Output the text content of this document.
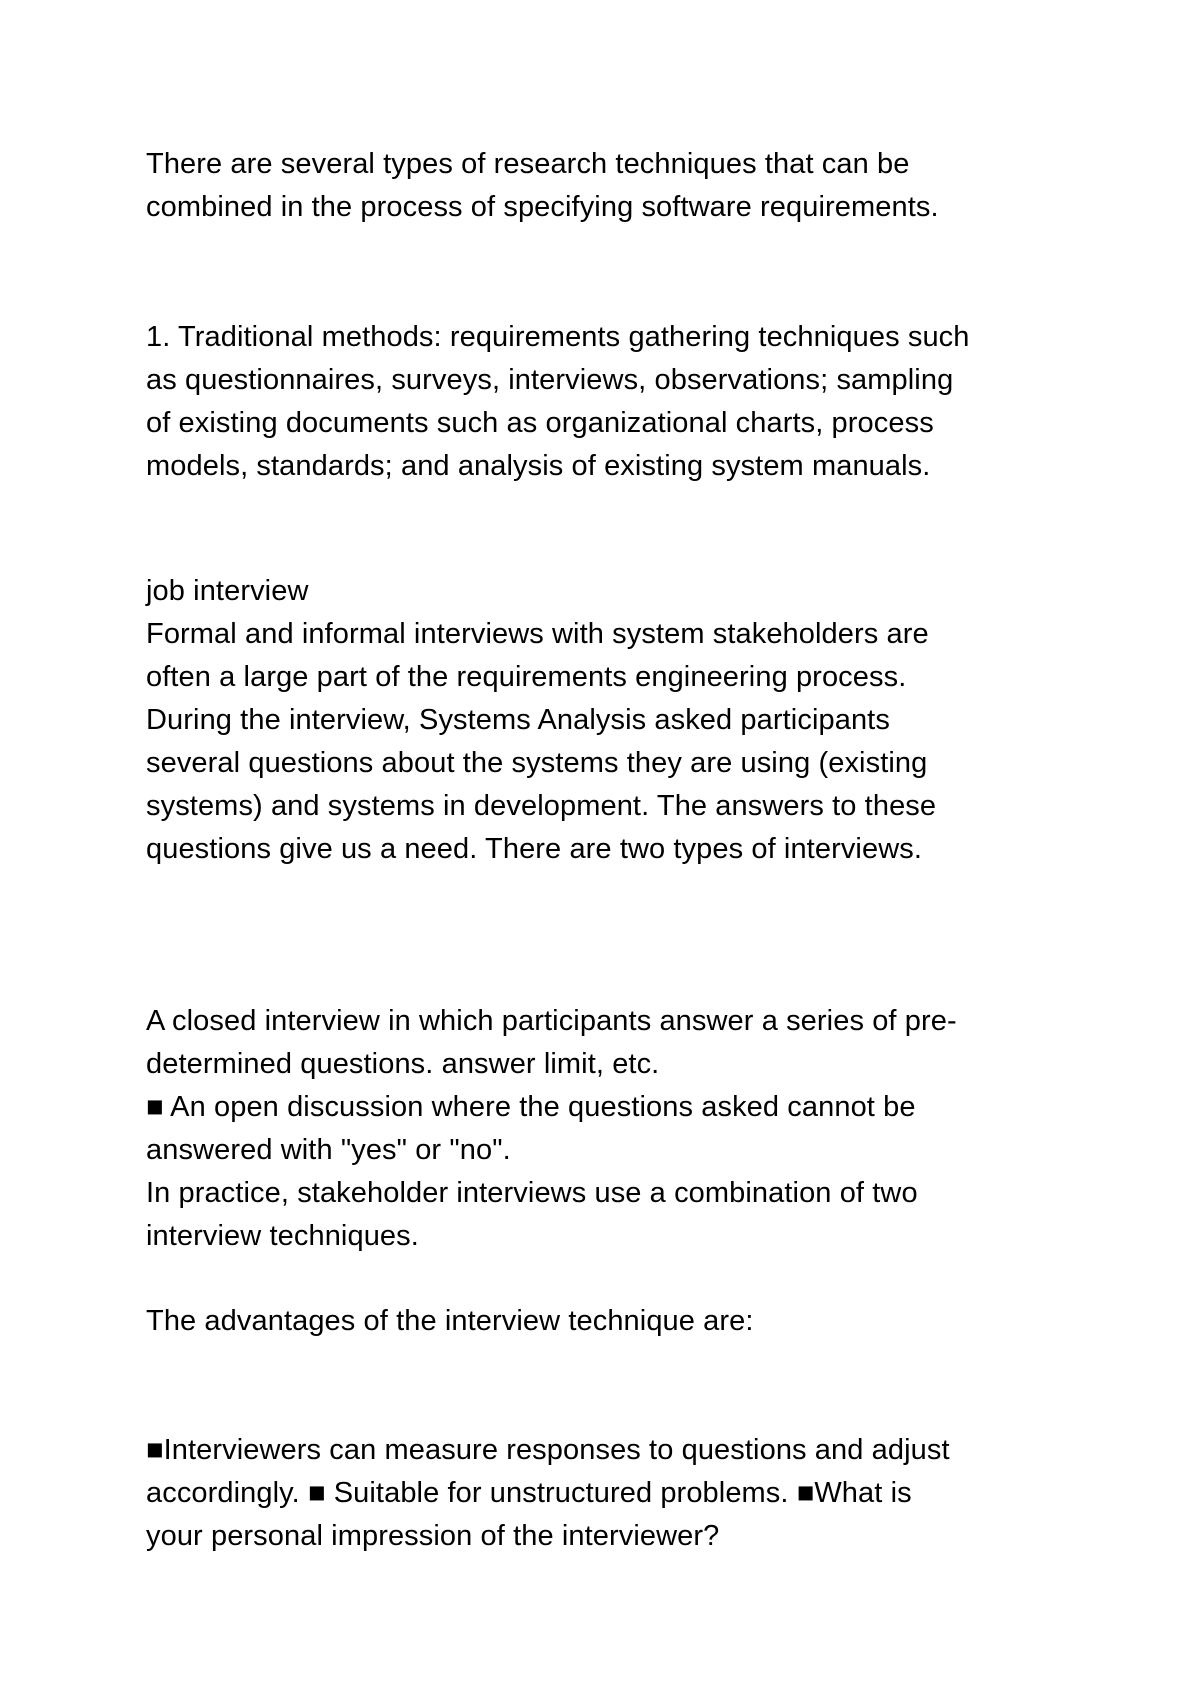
There are several types of research techniques that can be
combined in the process of specifying software requirements.
1. Traditional methods: requirements gathering techniques such
as questionnaires, surveys, interviews, observations; sampling
of existing documents such as organizational charts, process
models, standards; and analysis of existing system manuals.
job interview
Formal and informal interviews with system stakeholders are
often a large part of the requirements engineering process.
During the interview, Systems Analysis asked participants
several questions about the systems they are using (existing
systems) and systems in development. The answers to these
questions give us a need. There are two types of interviews.
A closed interview in which participants answer a series of pre-
determined questions. answer limit, etc.
■ An open discussion where the questions asked cannot be
answered with "yes" or "no".
In practice, stakeholder interviews use a combination of two
interview techniques.
The advantages of the interview technique are:
■Interviewers can measure responses to questions and adjust
accordingly. ■ Suitable for unstructured problems. ■What is
your personal impression of the interviewer?
